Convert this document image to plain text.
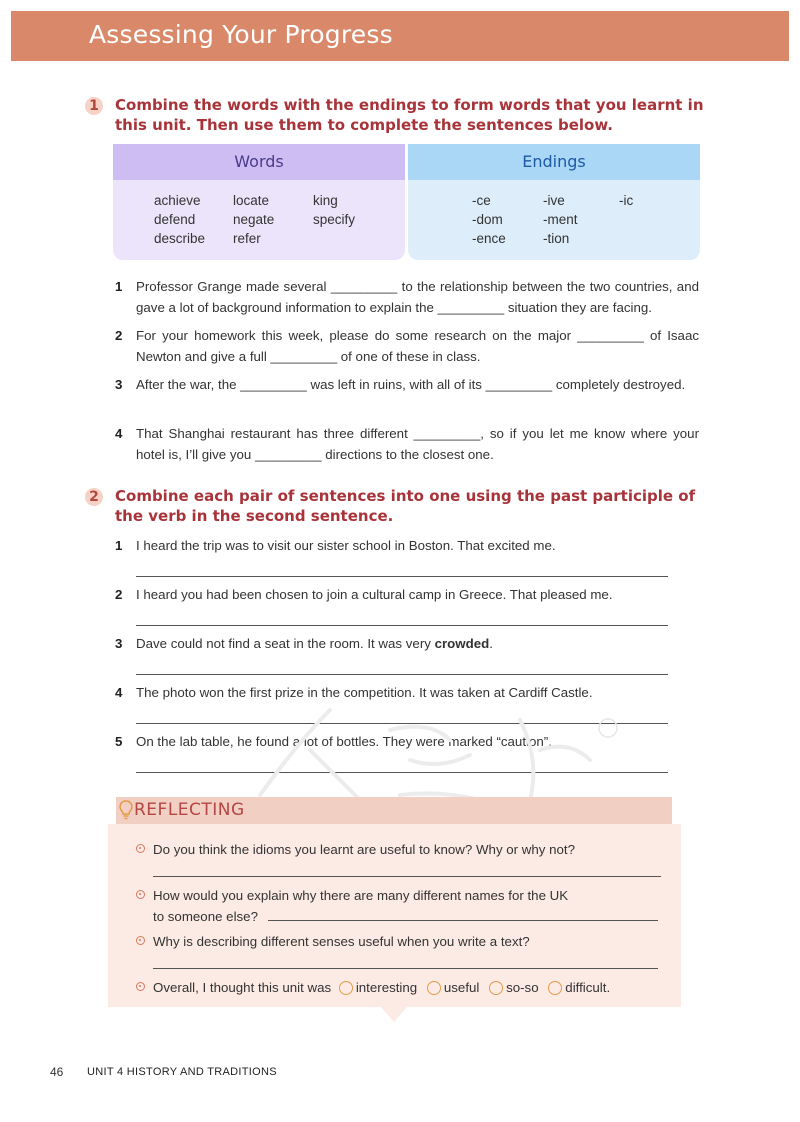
Assessing Your Progress
1 Combine the words with the endings to form words that you learnt in this unit. Then use them to complete the sentences below.
Words
achieve	locate	king
defend	negate	specify
describe	refer
Endings
-ce	-ive	-ic
-dom	-ment
-ence	-tion
1 Professor Grange made several _________ to the relationship between the two countries, and gave a lot of background information to explain the _________ situation they are facing.
2 For your homework this week, please do some research on the major _________ of Isaac Newton and give a full _________ of one of these in class.
3 After the war, the _________ was left in ruins, with all of its _________ completely destroyed.
4 That Shanghai restaurant has three different _________, so if you let me know where your hotel is, I’ll give you _________ directions to the closest one.
2 Combine each pair of sentences into one using the past participle of the verb in the second sentence.
1 I heard the trip was to visit our sister school in Boston. That excited me.
2 I heard you had been chosen to join a cultural camp in Greece. That pleased me.
3 Dave could not find a seat in the room. It was very crowded.
4 The photo won the first prize in the competition. It was taken at Cardiff Castle.
5 On the lab table, he found a lot of bottles. They were marked “caution”.
REFLECTING
Do you think the idioms you learnt are useful to know? Why or why not?
How would you explain why there are many different names for the UK
to someone else?
Why is describing different senses useful when you write a text?
Overall, I thought this unit was interesting useful so-so difficult.
46 UNIT 4 HISTORY AND TRADITIONS
